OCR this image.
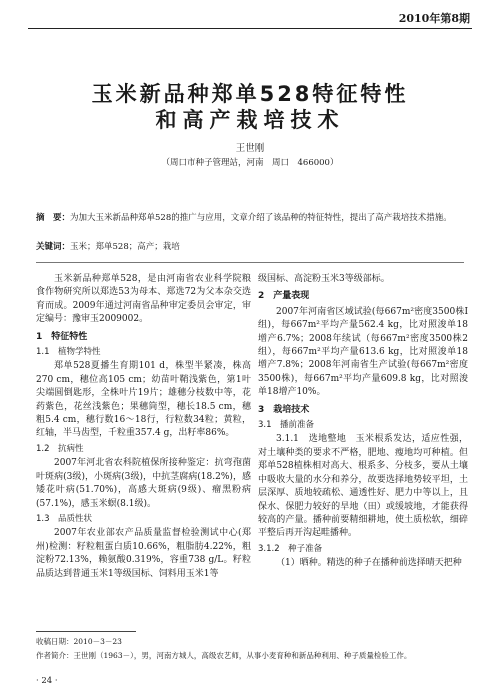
2010年第8期
玉米新品种郑单528特征特性
和高产栽培技术
王世刚
（周口市种子管理站，河南　周口　466000）
摘　要：为加大玉米新品种郑单528的推广与应用，文章介绍了该品种的特征特性，提出了高产栽培技术措施。
关键词：玉米；郑单528；高产；栽培

玉米新品种郑单528，是由河南省农业科学院粮食作物研究所以郑选53为母本、郑选72为父本杂交选育而成。2009年通过河南省品种审定委员会审定，审定编号：豫审玉2009002。

1　特征特性
1.1　植物学特性

郑单528夏播生育期101 d，株型半紧凑，株高270 cm，穗位高105 cm；幼苗叶鞘浅紫色，第1叶尖端圆倒匙形，全株叶片19片；雄穗分枝数中等，花药紫色，花丝浅紫色；果穗筒型，穗长18.5 cm，穗粗5.4 cm，穗行数16～18行，行粒数34粒；黄粒，红轴，半马齿型，千粒重357.4 g，出籽率86%。

1.2　抗病性

2007年河北省农科院植保所接种鉴定：抗弯孢菌叶斑病(3级)，小斑病(3级)，中抗茎腐病(18.2%)，感矮花叶病(51.70%)，高感大斑病(9级)、瘤黑粉病(57.1%)，感玉米螟(8.1级)。

1.3　品质性状

2007年农业部农产品质量监督检验测试中心(郑州)检测：籽粒粗蛋白质10.66%，粗脂肪4.22%，粗淀粉72.13%，赖氨酸0.319%，容重738 g/L。籽粒品质达到普通玉米1等级国标、饲料用玉米1等

级国标、高淀粉玉米3等级部标。

2　产量表现

2007年河南省区域试验(每667m²密度3500株Ⅰ组)，每667m²平均产量562.4 kg，比对照浚单18增产6.7%；2008年续试（每667m²密度3500株2组），每667m²平均产量613.6 kg，比对照浚单18增产7.8%；2008年河南省生产试验(每667m²密度3500株)，每667m²平均产量609.8 kg，比对照浚单18增产10%。

3　栽培技术
3.1　播前准备

3.1.1　选地整地　玉米根系发达，适应性强，对土壤种类的要求不严格，肥地、瘦地均可种植。但郑单528植株相对高大、根系多、分枝多，要从土壤中吸收大量的水分和养分，故要选择地势较平坦，土层深厚、质地较疏松、通透性好、肥力中等以上，且保水、保肥力较好的旱地（田）或缓坡地，才能获得较高的产量。播种前要精细耕地，使土质松软，细碎平整后再开沟起畦播种。

3.1.2　种子准备

（1）晒种。精选的种子在播种前选择晴天把种

收稿日期：2010－3－23
作者简介：王世刚（1963－），男，河南方城人，高级农艺师，从事小麦育种和新品种利用、种子质量检验工作。
· 24 ·
